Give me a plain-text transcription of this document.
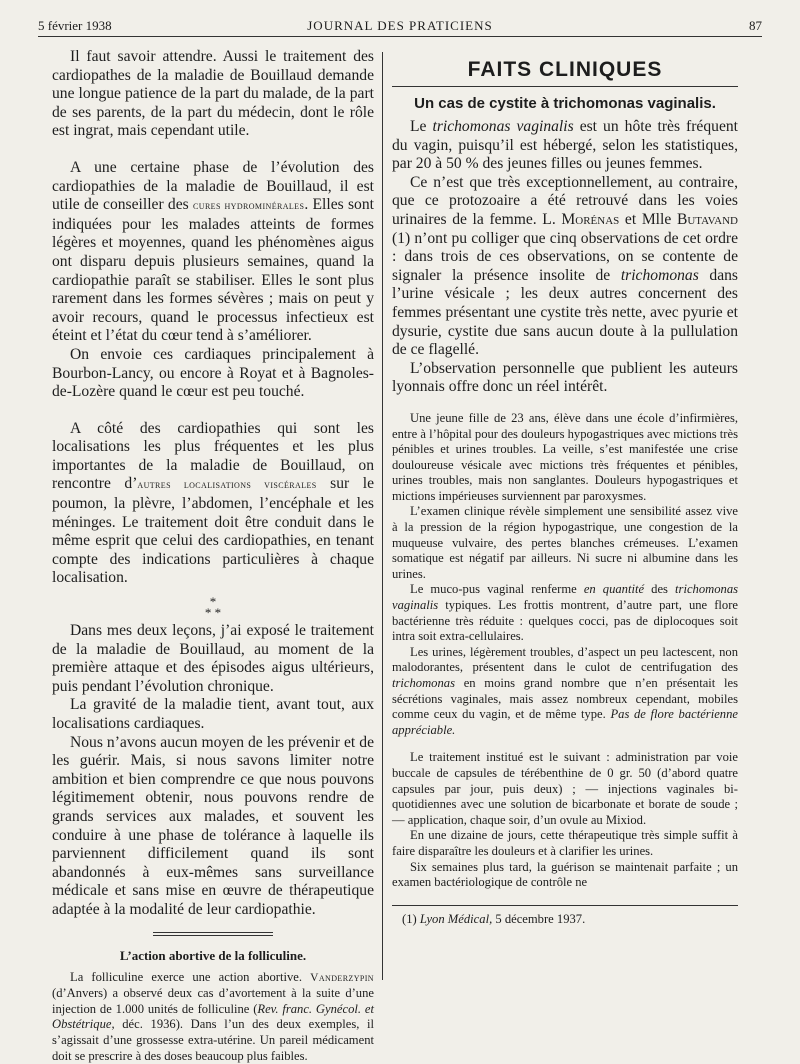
5 février 1938	JOURNAL DES PRATICIENS	87

Il faut savoir attendre. Aussi le traitement des cardiopathes de la maladie de Bouillaud demande une longue patience de la part du malade, de la part de ses parents, de la part du médecin, dont le rôle est ingrat, mais cependant utile.

A une certaine phase de l’évolution des cardiopathies de la maladie de Bouillaud, il est utile de conseiller des cures hydrominérales. Elles sont indiquées pour les malades atteints de formes légères et moyennes, quand les phénomènes aigus ont disparu depuis plusieurs semaines, quand la cardiopathie paraît se stabiliser. Elles le sont plus rarement dans les formes sévères ; mais on peut y avoir recours, quand le processus infectieux est éteint et l’état du cœur tend à s’améliorer.

On envoie ces cardiaques principalement à Bourbon-Lancy, ou encore à Royat et à Bagnoles-de-Lozère quand le cœur est peu touché.

A côté des cardiopathies qui sont les localisations les plus fréquentes et les plus importantes de la maladie de Bouillaud, on rencontre d’autres localisations viscérales sur le poumon, la plèvre, l’abdomen, l’encéphale et les méninges. Le traitement doit être conduit dans le même esprit que celui des cardiopathies, en tenant compte des indications particulières à chaque localisation.

*
* *

Dans mes deux leçons, j’ai exposé le traitement de la maladie de Bouillaud, au moment de la première attaque et des épisodes aigus ultérieurs, puis pendant l’évolution chronique.

La gravité de la maladie tient, avant tout, aux localisations cardiaques.

Nous n’avons aucun moyen de les prévenir et de les guérir. Mais, si nous savons limiter notre ambition et bien comprendre ce que nous pouvons légitimement obtenir, nous pouvons rendre de grands services aux malades, et souvent les conduire à une phase de tolérance à laquelle ils parviennent difficilement quand ils sont abandonnés à eux-mêmes sans surveillance médicale et sans mise en œuvre de thérapeutique adaptée à la modalité de leur cardiopathie.

L’action abortive de la folliculine.

La folliculine exerce une action abortive. Vanderzypin (d’Anvers) a observé deux cas d’avortement à la suite d’une injection de 1.000 unités de folliculine (Rev. franc. Gynécol. et Obstétrique, déc. 1936). Dans l’un des deux exemples, il s’agissait d’une grossesse extra-utérine. Un pareil médicament doit se prescrire à des doses beaucoup plus faibles.

FAITS CLINIQUES
Un cas de cystite à trichomonas vaginalis.

Le trichomonas vaginalis est un hôte très fréquent du vagin, puisqu’il est hébergé, selon les statistiques, par 20 à 50 % des jeunes filles ou jeunes femmes.

Ce n’est que très exceptionnellement, au contraire, que ce protozoaire a été retrouvé dans les voies urinaires de la femme. L. Morénas et Mlle Butavand (1) n’ont pu colliger que cinq observations de cet ordre : dans trois de ces observations, on se contente de signaler la présence insolite de trichomonas dans l’urine vésicale ; les deux autres concernent des femmes présentant une cystite très nette, avec pyurie et dysurie, cystite due sans aucun doute à la pullulation de ce flagellé.

L’observation personnelle que publient les auteurs lyonnais offre donc un réel intérêt.

Une jeune fille de 23 ans, élève dans une école d’infirmières, entre à l’hôpital pour des douleurs hypogastriques avec mictions très pénibles et urines troubles. La veille, s’est manifestée une crise douloureuse vésicale avec mictions très fréquentes et pénibles, urines troubles, mais non sanglantes. Douleurs hypogastriques et mictions impérieuses surviennent par paroxysmes.

L’examen clinique révèle simplement une sensibilité assez vive à la pression de la région hypogastrique, une congestion de la muqueuse vulvaire, des pertes blanches crémeuses. L’examen somatique est négatif par ailleurs. Ni sucre ni albumine dans les urines.

Le muco-pus vaginal renferme en quantité des trichomonas vaginalis typiques. Les frottis montrent, d’autre part, une flore bactérienne très réduite : quelques cocci, pas de diplocoques soit intra soit extra-cellulaires.

Les urines, légèrement troubles, d’aspect un peu lactescent, non malodorantes, présentent dans le culot de centrifugation des trichomonas en moins grand nombre que n’en présentait les sécrétions vaginales, mais assez nombreux cependant, mobiles comme ceux du vagin, et de même type. Pas de flore bactérienne appréciable.

Le traitement institué est le suivant : administration par voie buccale de capsules de térébenthine de 0 gr. 50 (d’abord quatre capsules par jour, puis deux) ; — injections vaginales bi-quotidiennes avec une solution de bicarbonate et borate de soude ; — application, chaque soir, d’un ovule au Mixiod.

En une dizaine de jours, cette thérapeutique très simple suffit à faire disparaître les douleurs et à clarifier les urines.

Six semaines plus tard, la guérison se maintenait parfaite ; un examen bactériologique de contrôle ne

(1) Lyon Médical, 5 décembre 1937.
